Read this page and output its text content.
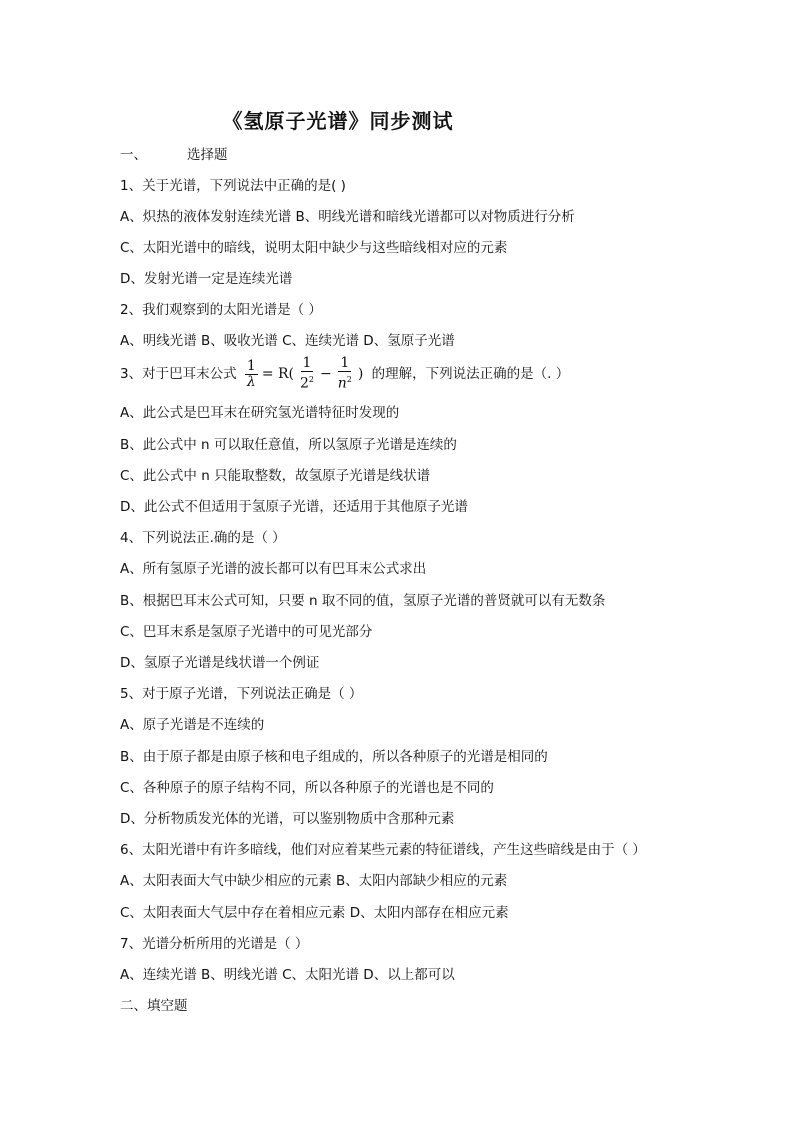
《氢原子光谱》同步测试
一、	选择题
1、关于光谱，下列说法中正确的是( )
A、炽热的液体发射连续光谱 B、明线光谱和暗线光谱都可以对物质进行分析
C、太阳光谱中的暗线，说明太阳中缺少与这些暗线相对应的元素
D、发射光谱一定是连续光谱
2、我们观察到的太阳光谱是（ ）
A、明线光谱 B、吸收光谱 C、连续光谱 D、氢原子光谱
3、对于巴耳末公式 $\frac{1}{\lambda} = R( \frac{1}{2^2} - \frac{1}{n^2}$ ) 的理解，下列说法正确的是（. ）
A、此公式是巴耳末在研究氢光谱特征时发现的
B、此公式中 n 可以取任意值，所以氢原子光谱是连续的
C、此公式中 n 只能取整数，故氢原子光谱是线状谱
D、此公式不但适用于氢原子光谱，还适用于其他原子光谱
4、下列说法正.确的是（ ）
A、所有氢原子光谱的波长都可以有巴耳末公式求出
B、根据巴耳末公式可知，只要 n 取不同的值，氢原子光谱的普贤就可以有无数条
C、巴耳末系是氢原子光谱中的可见光部分
D、氢原子光谱是线状谱一个例证
5、对于原子光谱，下列说法正确是（ ）
A、原子光谱是不连续的
B、由于原子都是由原子核和电子组成的，所以各种原子的光谱是相同的
C、各种原子的原子结构不同，所以各种原子的光谱也是不同的
D、分析物质发光体的光谱，可以鉴别物质中含那种元素
6、太阳光谱中有许多暗线，他们对应着某些元素的特征谱线，产生这些暗线是由于（ ）
A、太阳表面大气中缺少相应的元素 B、太阳内部缺少相应的元素
C、太阳表面大气层中存在着相应元素 D、太阳内部存在相应元素
7、光谱分析所用的光谱是（ ）
A、连续光谱 B、明线光谱 C、太阳光谱 D、以上都可以
二、填空题
